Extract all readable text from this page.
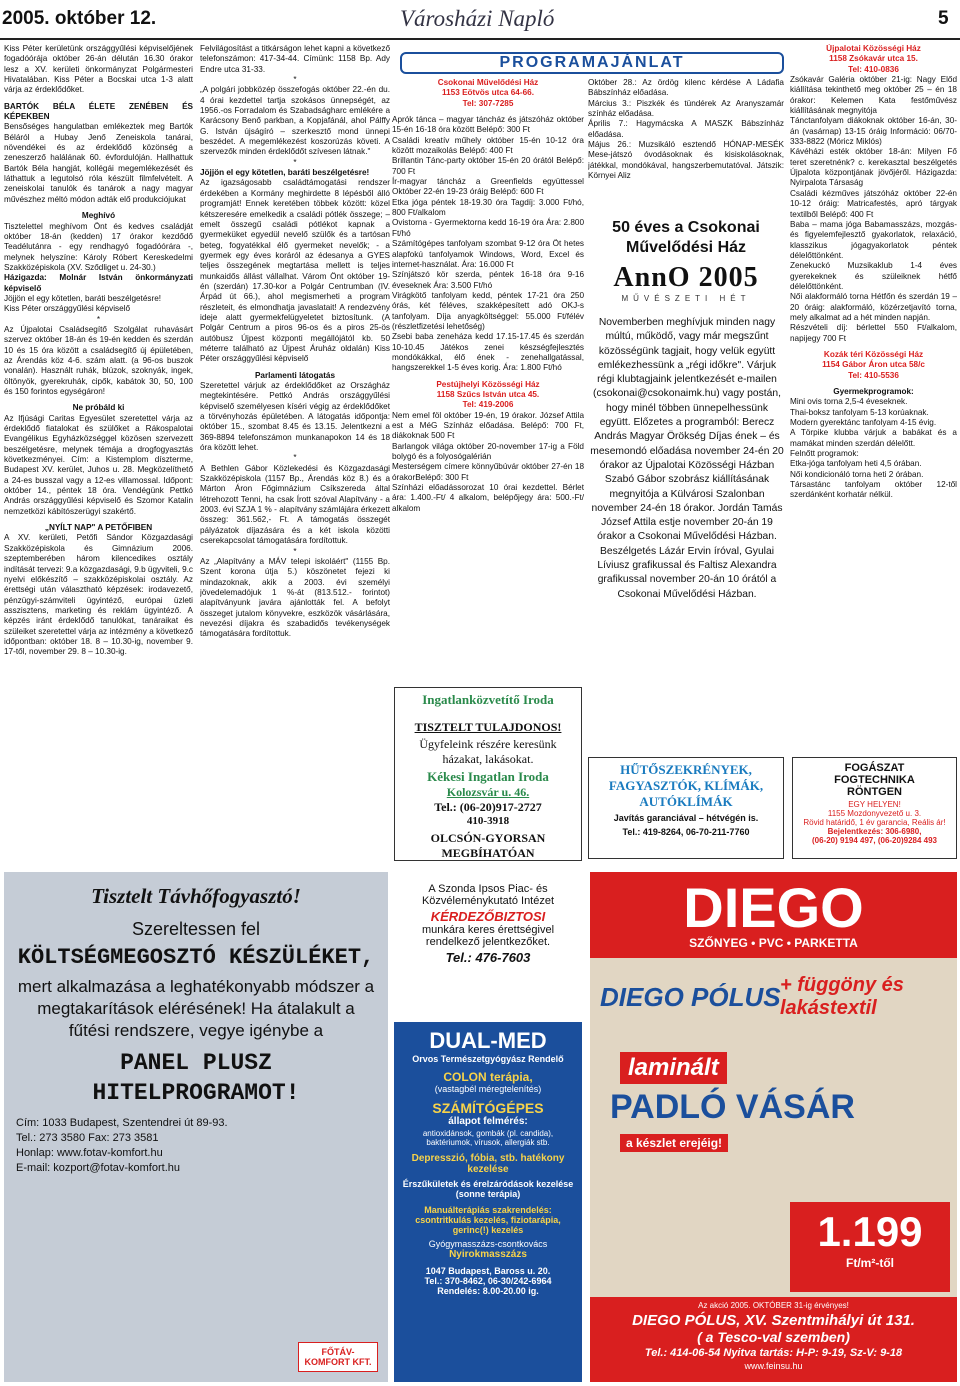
2005. október 12.	Városházi Napló	5

Kiss Péter kerületünk országgyűlési képviselőjének fogadóórája október 26-án délután 16.30 órakor lesz a XV. kerületi önkormányzat Polgármesteri Hivatalában. Kiss Péter a Bocskai utca 1-3 alatt várja az érdeklődőket.

BARTÓK BÉLA ÉLETE ZENÉBEN ÉS KÉPEKBEN

Bensőséges hangulatban emlékeztek meg Bartók Béláról a Hubay Jenő Zeneiskola tanárai, növendékei és az érdeklődő közönség a zeneszerző halálának 60. évfordulóján. Hallhattuk Bartók Béla hangját, kollégái megemlékezését és láthattuk a legutolsó róla készült filmfelvételt. A zeneiskolai tanulók és tanárok a nagy magyar művészhez méltó módon adták elő produkciójukat

Meghívó

Tisztelettel meghívom Önt és kedves családját október 18-án (kedden) 17 órakor kezdődő Teadélutánra - egy rendhagyó fogadóórára -, melynek helyszíne: Károly Róbert Kereskedelmi Szakközépiskola (XV. Sződliget u. 24-30.)

Házigazda: Molnár István önkormányzati képviselő

Jöjjön el egy kötetlen, baráti beszélgetésre!

Kiss Péter országgyűlési képviselő

*

Az Újpalotai Családsegítő Szolgálat ruhavásárt szervez október 18-án és 19-én kedden és szerdán 10 és 15 óra között a családsegítő új épületében, az Árendás köz 4-6. szám alatt. (a 96-os buszok vonalán). Használt ruhák, blúzok, szoknyák, ingek, öltönyök, gyerekruhák, cipők, kabátok 30, 50, 100 és 150 forintos egységáron!

Ne próbáld ki

Az Ifjúsági Caritas Egyesület szeretettel várja az érdeklődő fiatalokat és szülőket a Rákospalotai Evangélikus Egyházközséggel közösen szervezett beszélgetésre, melynek témája a drogfogyasztás következményei. Cím: a Kistemplom díszterme, Budapest XV. kerület, Juhos u. 28. Megközelíthető a 24-es busszal vagy a 12-es villamossal. Időpont: október 14., péntek 18 óra. Vendégünk Pettkó András országgyűlési képviselő és Szomor Katalin nemzetközi kábítószerügyi szakértő.

„NYÍLT NAP" A PETŐFIBEN

A XV. kerületi, Petőfi Sándor Közgazdasági Szakközépiskola és Gimnázium 2006. szeptemberében három kilencedikes osztály indítását tervezi: 9.a közgazdasági, 9.b ügyviteli, 9.c nyelvi előkészítő – szakközépiskolai osztály. Az érettségi után választható képzések: irodavezető, pénzügyi-számviteli ügyintéző, európai üzleti asszisztens, marketing és reklám ügyintéző. A képzés iránt érdeklődő tanulókat, tanáraikat és szüleiket szeretettel várja az intézmény a következő időpontban: október 18. 8 – 10.30-ig, november 9. 17-től, november 29. 8 – 10.30-ig.

Felvilágosítást a titkárságon lehet kapni a következő telefonszámon: 417-34-44. Címünk: 1158 Bp. Ady Endre utca 31-33.

*

„A polgári jobbközép összefogás október 22.-én du. 4 órai kezdettel tartja szokásos ünnepségét, az 1956.-os Forradalom és Szabadságharc emlékére a Karácsony Benő parkban, a Kopjafánál, ahol Pálffy G. István újságíró – szerkesztő mond ünnepi beszédet. A megemlékezést koszorúzás követi. A szervezők minden érdeklődőt szívesen látnak."

*

Jöjjön el egy kötetlen, baráti beszélgetésre!

Az igazságosabb családtámogatási rendszer érdekében a Kormány meghirdette 8 lépésből álló programját! Ennek keretében többek között: közel kétszeresére emelkedik a családi pótlék összege; – emelt összegű családi pótlékot kapnak a gyermeküket egyedül nevelő szülők és a tartósan beteg, fogyatékkal élő gyermeket nevelők; - a gyermek egy éves koráról az édesanya a GYES teljes összegének megtartása mellett is teljes munkaidős állást vállalhat. Várom Önt október 19-én (szerdán) 17.30-kor a Polgár Centrumban (IV. Árpád út 66.), ahol megismerheti a program részleteit, és elmondhatja javaslatait! A rendezvény ideje alatt gyermekfelügyeletet biztosítunk. (A Polgár Centrum a piros 96-os és a piros 25-ös autóbusz Újpest központi megállójától kb. 50 méterre található az Újpest Áruház oldalán) Kiss Péter országgyűlési képviselő

Parlamenti látogatás

Szeretettel várjuk az érdeklődőket az Országház megtekintésére. Pettkó András országgyűlési képviselő személyesen kíséri végig az érdeklődőket a törvényhozás épületében. A látogatás időpontja: október 15., szombat 8.45 és 13.15. Jelentkezni a 369-8894 telefonszámon munkanapokon 14 és 18 óra között lehet.

*

A Bethlen Gábor Közlekedési és Közgazdasági Szakközépiskola (1157 Bp., Árendás köz 8.) és a Márton Áron Főgimnázium Csíkszereda által létrehozott Tenni, ha csak Írott szóval Alapítvány - a 2003. évi SZJA 1 % - alapítvány számlájára érkezett összeg: 361.562,- Ft. A támogatás összegét pályázatok díjazására és a két iskola közötti cserekapcsolat támogatására fordítottuk.

*

Az „Alapítvány a MÁV telepi iskoláért" (1155 Bp. Szent korona útja 5.) köszönetet fejezi ki mindazoknak, akik a 2003. évi személyi jövedelemadójuk 1 %-át (813.512.- forintot) alapítványunk javára ajánlották fel. A befolyt összeget jutalom könyvekre, eszközök vásárlására, nevezési díjakra és szabadidős tevékenységek támogatására fordítottuk.

PROGRAMAJÁNLAT

Csokonai Művelődési Ház

1153 Eötvös utca 64-66.

Tel: 307-7285

Aprók tánca – magyar táncház és játszóház október 15-én 16-18 óra között Belépő: 300 Ft
Családi kreatív műhely október 15-én 10-12 óra között mozaikolás Belépő: 400 Ft
Brillantin Tánc-party október 15-én 20 órától Belépő: 700 Ft
Ír-magyar táncház a Greenfields együttessel Október 22-én 19-23 óráig Belépő: 600 Ft
Etka jóga péntek 18-19.30 óra Tagdíj: 3.000 Ft/hó, 800 Ft/alkalom
Ovistorna - Gyermektorna kedd 16-19 óra Ára: 2.800 Ft/hó
Számítógépes tanfolyam szombat 9-12 óra Öt hetes alapfokú tanfolyamok Windows, Word, Excel és internet-használat. Ára: 16.000 Ft
Színjátszó kör szerda, péntek 16-18 óra 9-16 éveseknek Ára: 3.500 Ft/hó
Virágkötő tanfolyam kedd, péntek 17-21 óra 250 órás, két féléves, szakképesített adó OKJ-s tanfolyam. Díja anyagköltséggel: 55.000 Ft/félév (részletfizetési lehetőség)
Zsebi baba zeneháza kedd 17.15-17.45 és szerdán 10-10.45 Játékos zenei készségfejlesztés mondókákkal, élő ének - zenehallgatással, hangszerekkel 1-5 éves korig. Ára: 1.800 Ft/hó

Pestújhelyi Közösségi Ház

1158 Szűcs István utca 45.

Tel: 419-2006

Nem emel föl október 19-én, 19 órakor. József Attila est a MéG Színház előadása. Belépő: 700 Ft, diákoknak 500 Ft
Barlangok világa október 20-november 17-ig a Föld bolygó és a folyosógalérián
Mesterségem címere könnyűbúvár október 27-én 18 órakorBelépő: 300 Ft
Színházi előadássorozat 10 órai kezdettel. Bérlet ára: 1.400.-Ft/ 4 alkalom, belépőjegy ára: 500.-Ft/ alkalom

Ingatlanközvetítő Iroda
TISZTELT TULAJDONOS!
Ügyfeleink részére keresünk házakat, lakásokat.
Kékesi Ingatlan Iroda
Kolozsvár u. 46.
Tel.: (06-20)917-2727
410-3918
OLCSÓN-GYORSAN MEGBÍHATÓAN
A Szonda Ipsos Piac- és Közvéleménykutató Intézet
KÉRDEZŐBIZTOSI
munkára keres érettségivel rendelkező jelentkezőket.
Tel.: 476-7603

Október 28.: Az ördög kilenc kérdése A Ládafia Bábszínház előadása.
Március 3.: Piszkék és tündérek Az Aranyszamár színház előadása.
Április 7.: Hagymácska A MASZK Bábszínház előadása.
Május 26.: Muzsikáló esztendő HÓNAP-MESÉK Mese-játszó óvodásoknak és kisiskolásoknak, játékkal, mondókával, hangszerbemutatóval. Játszik: Környei Aliz

50 éves a Csokonai Művelődési Ház
AnnO 2005
MŰVÉSZETI HÉT
Novemberben meghívjuk minden nagy múltú, működő, vagy már megszűnt közösségünk tagjait, hogy velük együtt emlékezhessünk a „régi időkre". Várjuk régi klubtagjaink jelentkezését e-mailen (csokonai@csokonaimk.hu) vagy postán, hogy minél többen ünnepelhessünk együtt. Előzetes a programból: Berecz András Magyar Örökség Díjas ének – és mesemondó előadása november 24-én 20 órakor az Újpalotai Közösségi Házban Szabó Gábor szobrász kiállításának megnyitója a Külvárosi Szalonban november 24-én 18 órakor. Jordán Tamás József Attila estje november 20-án 19 órakor a Csokonai Művelődési Házban. Beszélgetés Lázár Ervin íróval, Gyulai Líviusz grafikussal és Faltisz Alexandra grafikussal november 20-án 10 órától a Csokonai Művelődési Házban.
HŰTŐSZEKRÉNYEK, FAGYASZTÓK, KLÍMÁK, AUTÓKLÍMÁK
Javítás garanciával – hétvégén is.
Tel.: 419-8264, 06-70-211-7760

Újpalotai Közösségi Ház

1158 Zsókavár utca 15.

Tel: 410-0836

Zsókavár Galéria október 21-ig: Nagy Előd kiállítása tekinthető meg október 25 – én 18 órakor: Kelemen Kata festőművész kiállításának megnyitója
Tánctanfolyam diákoknak október 16-án, 30-án (vasárnap) 13-15 óráig Információ: 06/70-333-8822 (Móricz Miklós)
Kávéházi esték október 18-án: Milyen Fő teret szeretnénk? c. kerekasztal beszélgetés Újpalota központjának jövőjéről. Házigazda: Nyirpalota Társaság
Családi kézműves játszóház október 22-én 10-12 óráig: Matricafestés, apró tárgyak textilből Belépő: 400 Ft
Baba – mama jóga Babamasszázs, mozgás- és figyelemfejlesztő gyakorlatok, relaxáció, klasszikus jógagyakorlatok péntek délelőttönként.
Zenekuckó Muzsikaklub 1-4 éves gyerekeknek és szüleiknek hétfő délelőttönként.
Női alakformáló torna Hétfőn és szerdán 19 – 20 óráig: alakformáló, közérzetjavító torna, mely alkalmat ad a hét minden napján.
Részvételi díj: bérlettel 550 Ft/alkalom, napijegy 700 Ft

Kozák téri Közösségi Ház

1154 Gábor Áron utca 58/c

Tel: 410-5536

Gyermekprogramok:

Mini ovis torna 2,5-4 éveseknek.
Thai-boksz tanfolyam 5-13 korúaknak.
Modern gyerektánc tanfolyam 4-15 évig.
A Törpike klubba várjuk a babákat és a mamákat minden szerdán délelőtt.
Felnőtt programok:
Etka-jóga tanfolyam heti 4,5 órában.
Női kondicionáló torna heti 2 órában.
Társastánc tanfolyam október 12-től szerdánként korhatár nélkül.

FOGÁSZAT
FOGTECHNIKA
RÖNTGEN
EGY HELYEN!
1155 Mozdonyvezető u. 3.
Rövid határidő, 1 év garancia, Reális ár!
Bejelentkezés: 306-6980,
(06-20) 9194 497, (06-20)9284 493
Tisztelt Távhőfogyasztó!
Szereltessen fel
KÖLTSÉGMEGOSZTÓ KÉSZÜLÉKET,
mert alkalmazása a leghatékonyabb módszer a megtakarítások elérésének! Ha átalakult a fűtési rendszere, vegye igénybe a
PANEL PLUSZ HITELPROGRAMOT!
Cím: 1033 Budapest, Szentendrei út 89-93.
Tel.: 273 3580 Fax: 273 3581
Honlap: www.fotav-komfort.hu
E-mail: kozport@fotav-komfort.hu
FŐTÁV-KOMFORT KFT.
DIEGO
SZŐNYEG • PVC • PARKETTA
DIEGO PÓLUS + függöny és lakástextil
laminált
PADLÓ VÁSÁR
a készlet erejéig!
1.199
Ft/m²-től
Az akció 2005. OKTÓBER 31-ig érvényes!
DIEGO PÓLUS, XV. Szentmihályi út 131.
( a Tesco-val szemben)
Tel.: 414-06-54 Nyitva tartás: H-P: 9-19, Sz-V: 9-18
www.feinsu.hu
DUAL-MED
Orvos Természetgyógyász Rendelő
COLON terápia,
(vastagbél méregtelenítés)
SZÁMÍTÓGÉPES
állapot felmérés:
antioxidánsok, gombák (pl. candida), baktériumok, vírusok, allergiák stb.
Depresszió, fóbia, stb. hatékony kezelése
Érszűkületek és érelzáródások kezelése (sonne terápia)
Manuálterápiás szakrendelés: csontritkulás kezelés, fiziotarápia, gerinc(!) kezelés
Gyógymasszázs-csontkovács
Nyirokmasszázs
1047 Budapest, Baross u. 20.
Tel.: 370-8462, 06-30/242-6964
Rendelés: 8.00-20.00 ig.
